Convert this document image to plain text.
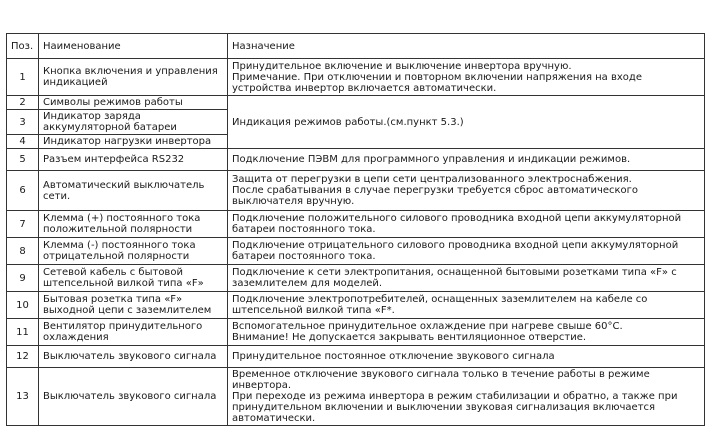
Поз.	Наименование	Назначение
1	Кнопка включения и управления индикацией	Принудительное включение и выключение инвертора вручную.
Примечание. При отключении и повторном включении напряжения на входе устройства инвертор включается автоматически.

2	Символы режимов работы	Индикация режимов работы.(см.пункт 5.3.)
3	Индикатор заряда аккумуляторной батареи	
4	Индикатор нагрузки инвертора	
5	Разъем интерфейса RS232	Подключение ПЭВМ для программного управления и индикации режимов.

6	Автоматический выключатель сети.	Защита от перегрузки в цепи сети централизованного электроснабжения.
После срабатывания в случае перегрузки требуется сброс автоматического выключателя вручную.

7	Клемма (+) постоянного тока положительной полярности	Подключение положительного силового проводника входной цепи аккумуляторной батареи постоянного тока.

8	Клемма (-) постоянного тока отрицательной полярности	Подключение отрицательного силового проводника входной цепи аккумуляторной батареи постоянного тока.

9	Сетевой кабель с бытовой штепсельной вилкой типа «F»	Подключение к сети электропитания, оснащенной бытовыми розетками типа «F» с заземлителем для моделей.

10	Бытовая розетка типа «F» выходной цепи с заземлителем	Подключение электропотребителей, оснащенных заземлителем на кабеле со штепсельной вилкой типа «F*.

11	Вентилятор принудительного охлаждения	Вспомогательное принудительное охлаждение при нагреве свыше 60°С.
Внимание! Не допускается закрывать вентиляционное отверстие.

12	Выключатель звукового сигнала	Принудительное постоянное отключение звукового сигнала

13	Выключатель звукового сигнала	Временное отключение звукового сигнала только в течение работы в режиме инвертора.
При переходе из режима инвертора в режим стабилизации и обратно, а также при принудительном включении и выключении звуковая сигнализация включается автоматически.
